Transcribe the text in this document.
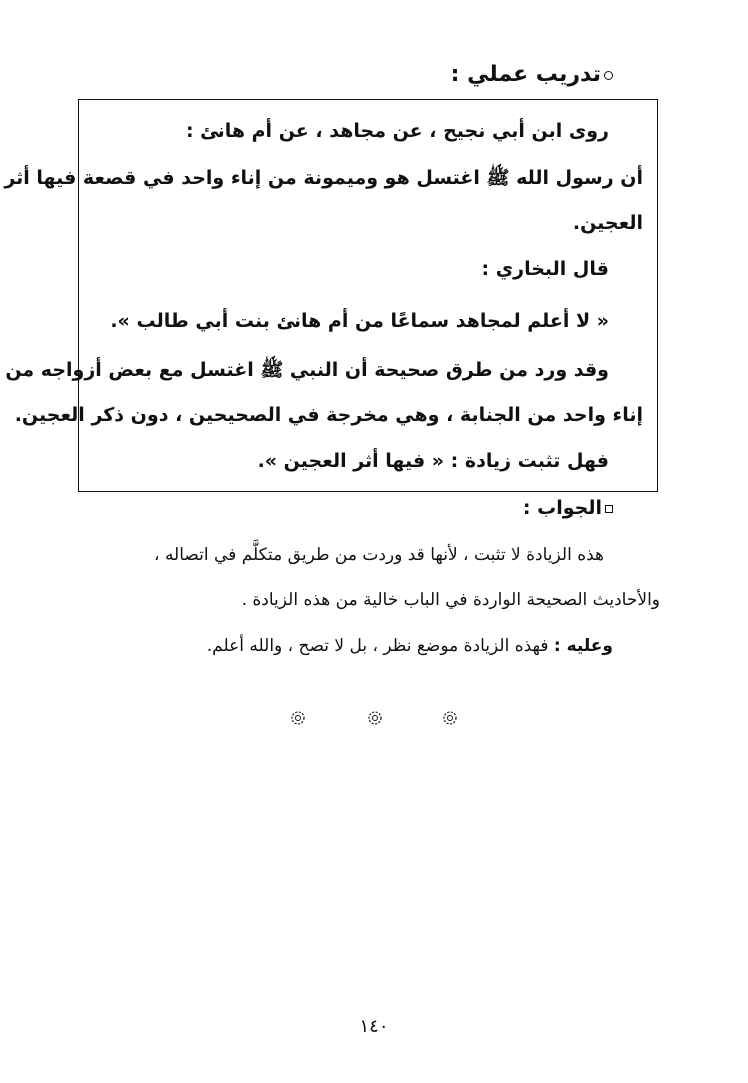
تدريب عملي :
روى ابن أبي نجيح ، عن مجاهد ، عن أم هانئ :
أن رسول الله ﷺ اغتسل هو وميمونة من إناء واحد في قصعة فيها أثر
العجين.
قال البخاري :
« لا أعلم لمجاهد سماعًا من أم هانئ بنت أبي طالب ».
وقد ورد من طرق صحيحة أن النبي ﷺ اغتسل مع بعض أزواجه من
إناء واحد من الجنابة ، وهي مخرجة في الصحيحين ، دون ذكر العجين.
فهل تثبت زيادة : « فيها أثر العجين ».
الجواب :
هذه الزيادة لا تثبت ، لأنها قد وردت من طريق متكلَّم في اتصاله ،
والأحاديث الصحيحة الواردة في الباب خالية من هذه الزيادة .
وعليه : فهذه الزيادة موضع نظر ، بل لا تصح ، والله أعلم.
١٤٠
